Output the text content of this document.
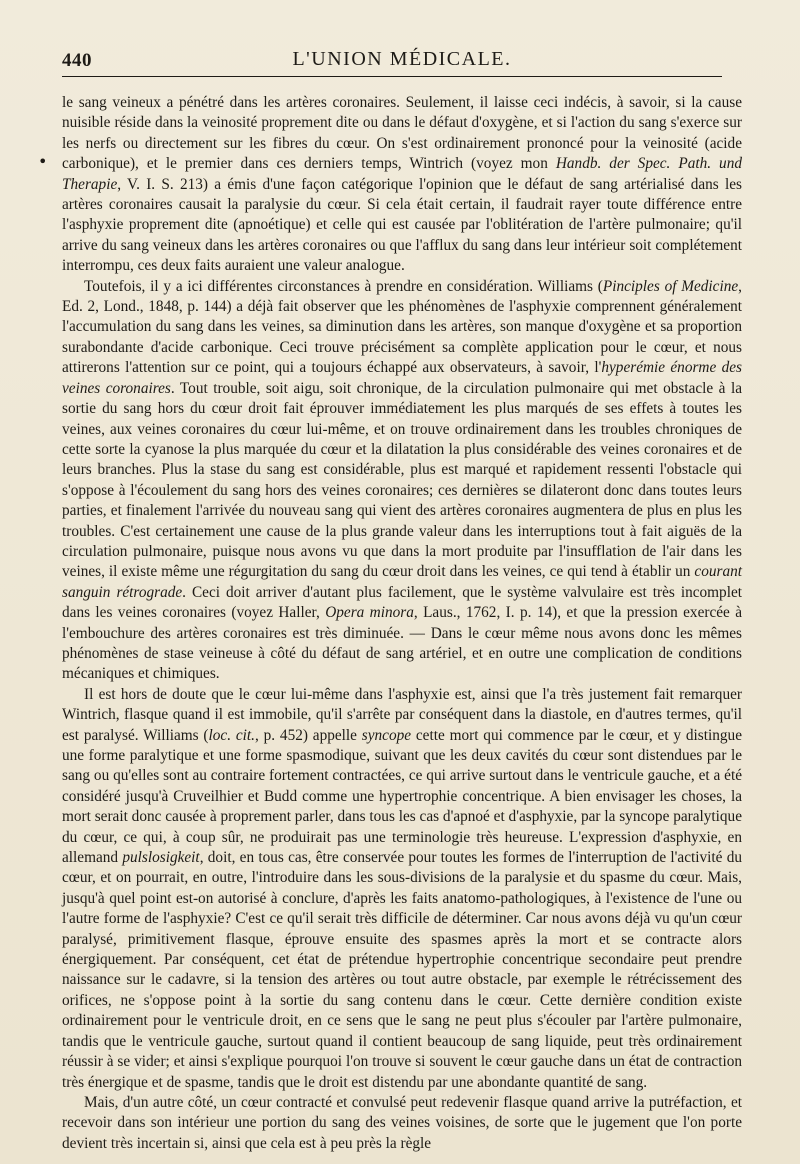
440	L'UNION MÉDICALE.
•

le sang veineux a pénétré dans les artères coronaires. Seulement, il laisse ceci indécis, à savoir, si la cause nuisible réside dans la veinosité proprement dite ou dans le défaut d'oxygène, et si l'action du sang s'exerce sur les nerfs ou directement sur les fibres du cœur. On s'est ordinairement prononcé pour la veinosité (acide carbonique), et le premier dans ces derniers temps, Wintrich (voyez mon Handb. der Spec. Path. und Therapie, V. I. S. 213) a émis d'une façon catégorique l'opinion que le défaut de sang artérialisé dans les artères coronaires causait la paralysie du cœur. Si cela était certain, il faudrait rayer toute différence entre l'asphyxie proprement dite (apnoétique) et celle qui est causée par l'oblitération de l'artère pulmonaire; qu'il arrive du sang veineux dans les artères coronaires ou que l'afflux du sang dans leur intérieur soit complétement interrompu, ces deux faits auraient une valeur analogue.

Toutefois, il y a ici différentes circonstances à prendre en considération. Williams (Pinciples of Medicine, Ed. 2, Lond., 1848, p. 144) a déjà fait observer que les phénomènes de l'asphyxie comprennent généralement l'accumulation du sang dans les veines, sa diminution dans les artères, son manque d'oxygène et sa proportion surabondante d'acide carbonique. Ceci trouve précisément sa complète application pour le cœur, et nous attirerons l'attention sur ce point, qui a toujours échappé aux observateurs, à savoir, l'hyperémie énorme des veines coronaires. Tout trouble, soit aigu, soit chronique, de la circulation pulmonaire qui met obstacle à la sortie du sang hors du cœur droit fait éprouver immédiatement les plus marqués de ses effets à toutes les veines, aux veines coronaires du cœur lui-même, et on trouve ordinairement dans les troubles chroniques de cette sorte la cyanose la plus marquée du cœur et la dilatation la plus considérable des veines coronaires et de leurs branches. Plus la stase du sang est considérable, plus est marqué et rapidement ressenti l'obstacle qui s'oppose à l'écoulement du sang hors des veines coronaires; ces dernières se dilateront donc dans toutes leurs parties, et finalement l'arrivée du nouveau sang qui vient des artères coronaires augmentera de plus en plus les troubles. C'est certainement une cause de la plus grande valeur dans les interruptions tout à fait aiguës de la circulation pulmonaire, puisque nous avons vu que dans la mort produite par l'insufflation de l'air dans les veines, il existe même une régurgitation du sang du cœur droit dans les veines, ce qui tend à établir un courant sanguin rétrograde. Ceci doit arriver d'autant plus facilement, que le système valvulaire est très incomplet dans les veines coronaires (voyez Haller, Opera minora, Laus., 1762, I. p. 14), et que la pression exercée à l'embouchure des artères coronaires est très diminuée. — Dans le cœur même nous avons donc les mêmes phénomènes de stase veineuse à côté du défaut de sang artériel, et en outre une complication de conditions mécaniques et chimiques.

Il est hors de doute que le cœur lui-même dans l'asphyxie est, ainsi que l'a très justement fait remarquer Wintrich, flasque quand il est immobile, qu'il s'arrête par conséquent dans la diastole, en d'autres termes, qu'il est paralysé. Williams (loc. cit., p. 452) appelle syncope cette mort qui commence par le cœur, et y distingue une forme paralytique et une forme spasmodique, suivant que les deux cavités du cœur sont distendues par le sang ou qu'elles sont au contraire fortement contractées, ce qui arrive surtout dans le ventricule gauche, et a été considéré jusqu'à Cruveilhier et Budd comme une hypertrophie concentrique. A bien envisager les choses, la mort serait donc causée à proprement parler, dans tous les cas d'apnoé et d'asphyxie, par la syncope paralytique du cœur, ce qui, à coup sûr, ne produirait pas une terminologie très heureuse. L'expression d'asphyxie, en allemand pulslosigkeit, doit, en tous cas, être conservée pour toutes les formes de l'interruption de l'activité du cœur, et on pourrait, en outre, l'introduire dans les sous-divisions de la paralysie et du spasme du cœur. Mais, jusqu'à quel point est-on autorisé à conclure, d'après les faits anatomo-pathologiques, à l'existence de l'une ou l'autre forme de l'asphyxie? C'est ce qu'il serait très difficile de déterminer. Car nous avons déjà vu qu'un cœur paralysé, primitivement flasque, éprouve ensuite des spasmes après la mort et se contracte alors énergiquement. Par conséquent, cet état de prétendue hypertrophie concentrique secondaire peut prendre naissance sur le cadavre, si la tension des artères ou tout autre obstacle, par exemple le rétrécissement des orifices, ne s'oppose point à la sortie du sang contenu dans le cœur. Cette dernière condition existe ordinairement pour le ventricule droit, en ce sens que le sang ne peut plus s'écouler par l'artère pulmonaire, tandis que le ventricule gauche, surtout quand il contient beaucoup de sang liquide, peut très ordinairement réussir à se vider; et ainsi s'explique pourquoi l'on trouve si souvent le cœur gauche dans un état de contraction très énergique et de spasme, tandis que le droit est distendu par une abondante quantité de sang.

Mais, d'un autre côté, un cœur contracté et convulsé peut redevenir flasque quand arrive la putréfaction, et recevoir dans son intérieur une portion du sang des veines voisines, de sorte que le jugement que l'on porte devient très incertain si, ainsi que cela est à peu près la règle
